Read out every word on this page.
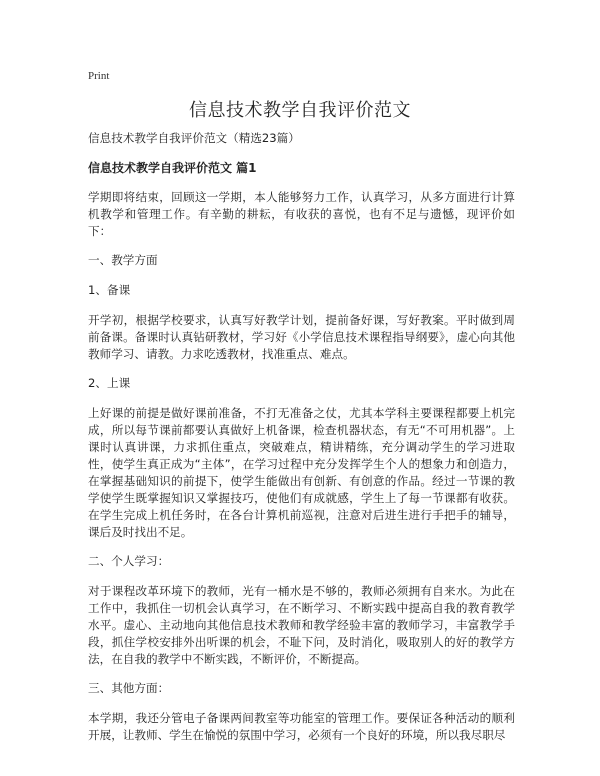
Print
信息技术教学自我评价范文

信息技术教学自我评价范文（精选23篇）

信息技术教学自我评价范文 篇1

学期即将结束，回顾这一学期，本人能够努力工作，认真学习，从多方面进行计算机教学和管理工作。有辛勤的耕耘，有收获的喜悦，也有不足与遗憾，现评价如下：

一、教学方面

1、备课

开学初，根据学校要求，认真写好教学计划，提前备好课，写好教案。平时做到周前备课。备课时认真钻研教材，学习好《小学信息技术课程指导纲要》，虚心向其他教师学习、请教。力求吃透教材，找准重点、难点。

2、上课

上好课的前提是做好课前准备，不打无准备之仗，尤其本学科主要课程都要上机完成，所以每节课前都要认真做好上机备课，检查机器状态，有无“不可用机器”。上课时认真讲课，力求抓住重点，突破难点，精讲精练，充分调动学生的学习进取性，使学生真正成为“主体”，在学习过程中充分发挥学生个人的想象力和创造力，在掌握基础知识的前提下，使学生能做出有创新、有创意的作品。经过一节课的教学使学生既掌握知识又掌握技巧，使他们有成就感，学生上了每一节课都有收获。在学生完成上机任务时，在各台计算机前巡视，注意对后进生进行手把手的辅导，课后及时找出不足。

二、个人学习：

对于课程改革环境下的教师，光有一桶水是不够的，教师必须拥有自来水。为此在工作中，我抓住一切机会认真学习，在不断学习、不断实践中提高自我的教育教学水平。虚心、主动地向其他信息技术教师和教学经验丰富的教师学习，丰富教学手段，抓住学校安排外出听课的机会，不耻下问，及时消化，吸取别人的好的教学方法，在自我的教学中不断实践，不断评价，不断提高。

三、其他方面：

本学期，我还分管电子备课两间教室等功能室的管理工作。要保证各种活动的顺利开展，让教师、学生在愉悦的氛围中学习，必须有一个良好的环境，所以我尽职尽
